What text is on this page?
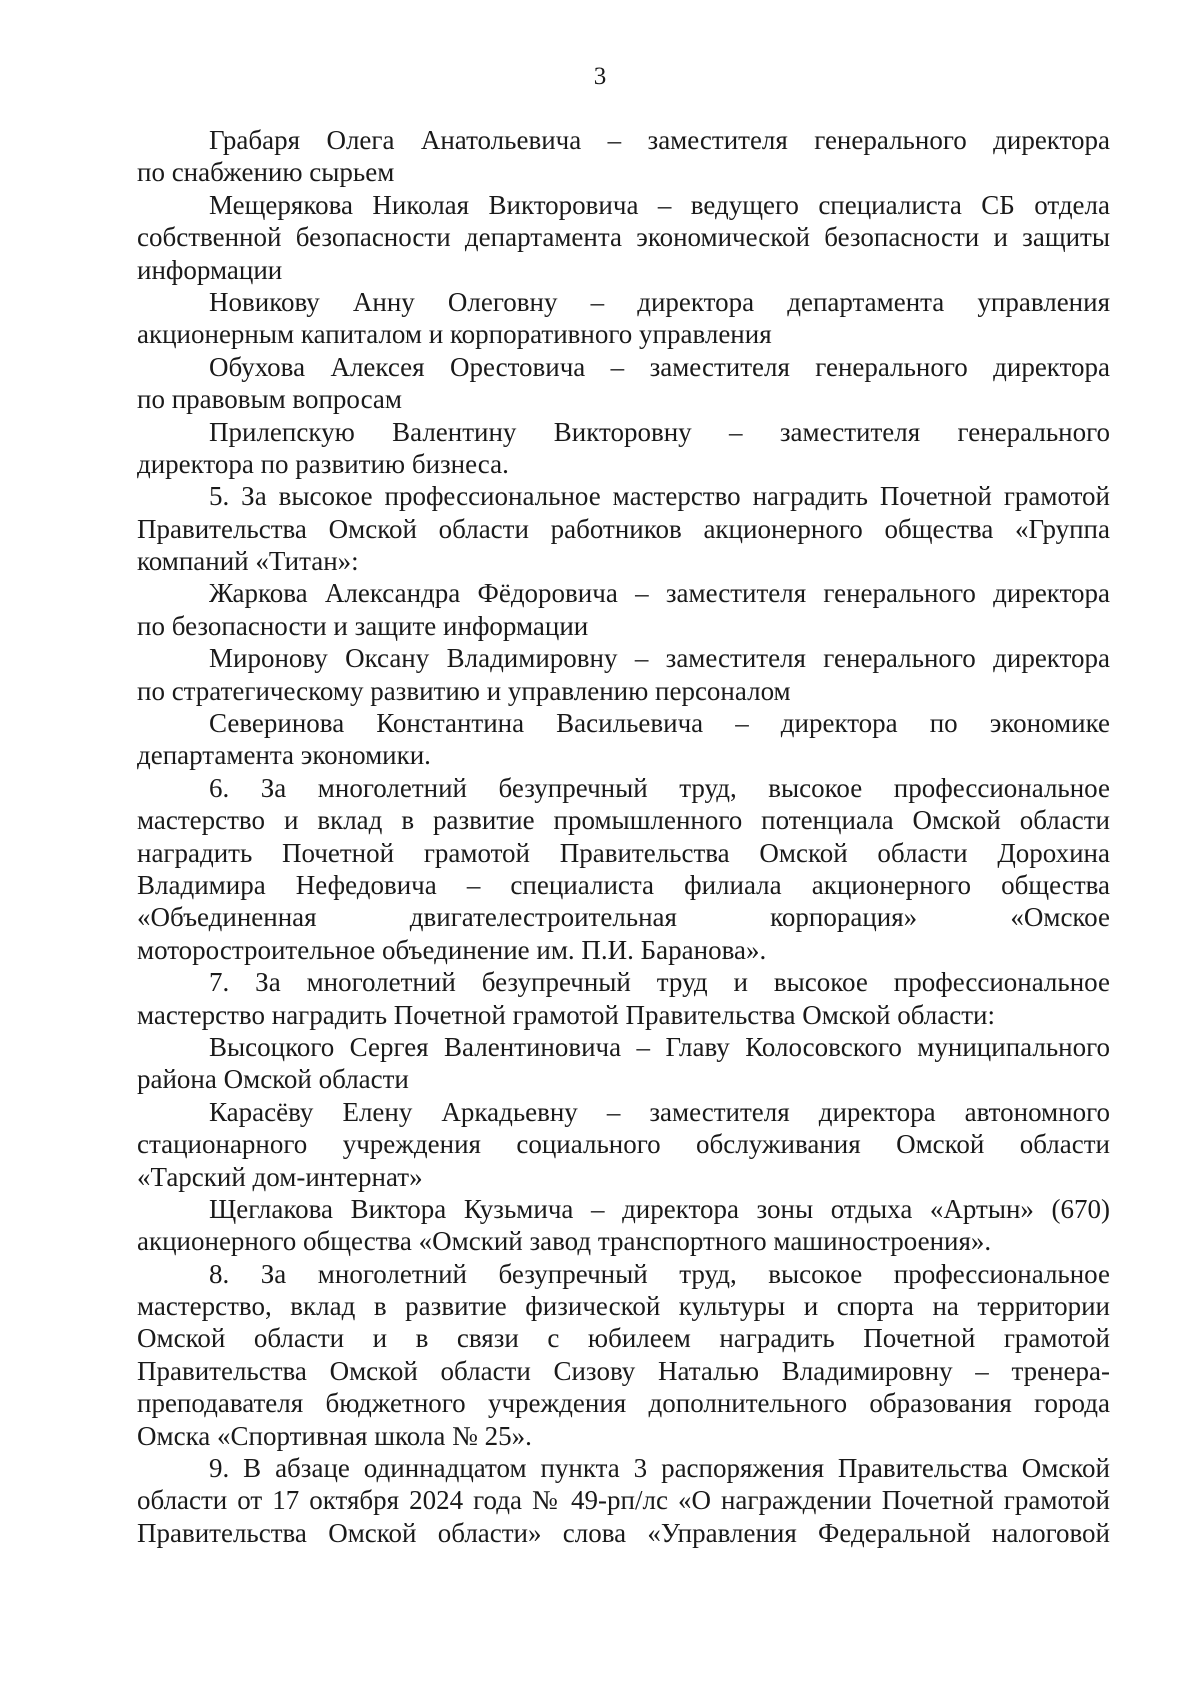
3
Грабаря Олега Анатольевича – заместителя генерального директора
по снабжению сырьем
Мещерякова Николая Викторовича – ведущего специалиста СБ отдела
собственной безопасности департамента экономической безопасности и защиты
информации
Новикову Анну Олеговну – директора департамента управления
акционерным капиталом и корпоративного управления
Обухова Алексея Орестовича – заместителя генерального директора
по правовым вопросам
Прилепскую Валентину Викторовну – заместителя генерального
директора по развитию бизнеса.
5. За высокое профессиональное мастерство наградить Почетной грамотой
Правительства Омской области работников акционерного общества «Группа
компаний «Титан»:
Жаркова Александра Фёдоровича – заместителя генерального директора
по безопасности и защите информации
Миронову Оксану Владимировну – заместителя генерального директора
по стратегическому развитию и управлению персоналом
Северинова Константина Васильевича – директора по экономике
департамента экономики.
6. За многолетний безупречный труд, высокое профессиональное
мастерство и вклад в развитие промышленного потенциала Омской области
наградить Почетной грамотой Правительства Омской области Дорохина
Владимира Нефедовича – специалиста филиала акционерного общества
«Объединенная двигателестроительная корпорация» «Омское
моторостроительное объединение им. П.И. Баранова».
7. За многолетний безупречный труд и высокое профессиональное
мастерство наградить Почетной грамотой Правительства Омской области:
Высоцкого Сергея Валентиновича – Главу Колосовского муниципального
района Омской области
Карасёву Елену Аркадьевну – заместителя директора автономного
стационарного учреждения социального обслуживания Омской области
«Тарский дом-интернат»
Щеглакова Виктора Кузьмича – директора зоны отдыха «Артын» (670)
акционерного общества «Омский завод транспортного машиностроения».
8. За многолетний безупречный труд, высокое профессиональное
мастерство, вклад в развитие физической культуры и спорта на территории
Омской области и в связи с юбилеем наградить Почетной грамотой
Правительства Омской области Сизову Наталью Владимировну – тренера-
преподавателя бюджетного учреждения дополнительного образования города
Омска «Спортивная школа № 25».
9. В абзаце одиннадцатом пункта 3 распоряжения Правительства Омской
области от 17 октября 2024 года № 49-рп/лс «О награждении Почетной грамотой
Правительства Омской области» слова «Управления Федеральной налоговой
